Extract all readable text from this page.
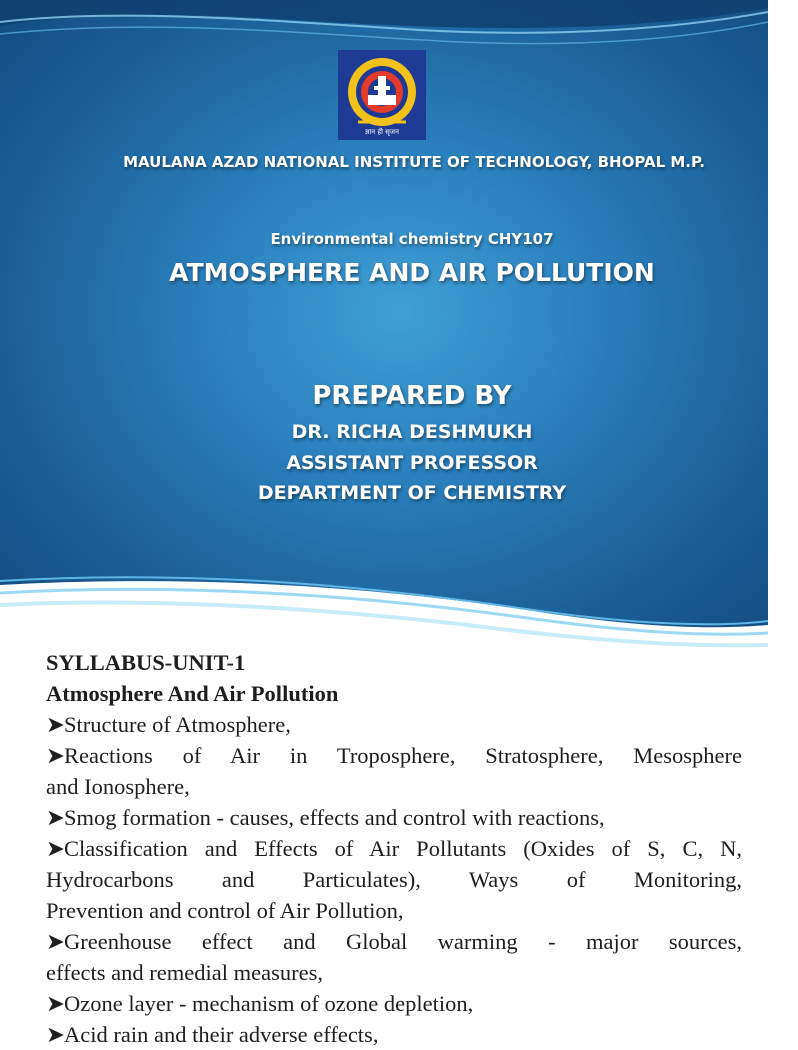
ज्ञान ही सृजन
MAULANA AZAD NATIONAL INSTITUTE OF TECHNOLOGY, BHOPAL M.P.
Environmental chemistry CHY107
ATMOSPHERE AND AIR POLLUTION
PREPARED BY
DR. RICHA DESHMUKH
ASSISTANT PROFESSOR
DEPARTMENT OF CHEMISTRY
SYLLABUS-UNIT-1
Atmosphere And Air Pollution
➤ Structure of Atmosphere,
➤ Reactions of Air in Troposphere, Stratosphere, Mesosphere
and Ionosphere,
➤ Smog formation - causes, effects and control with reactions,
➤ Classification and Effects of Air Pollutants (Oxides of S, C, N,
Hydrocarbons and Particulates), Ways of Monitoring,
Prevention and control of Air Pollution,
➤ Greenhouse effect and Global warming - major sources,
effects and remedial measures,
➤ Ozone layer - mechanism of ozone depletion,
➤ Acid rain and their adverse effects,
